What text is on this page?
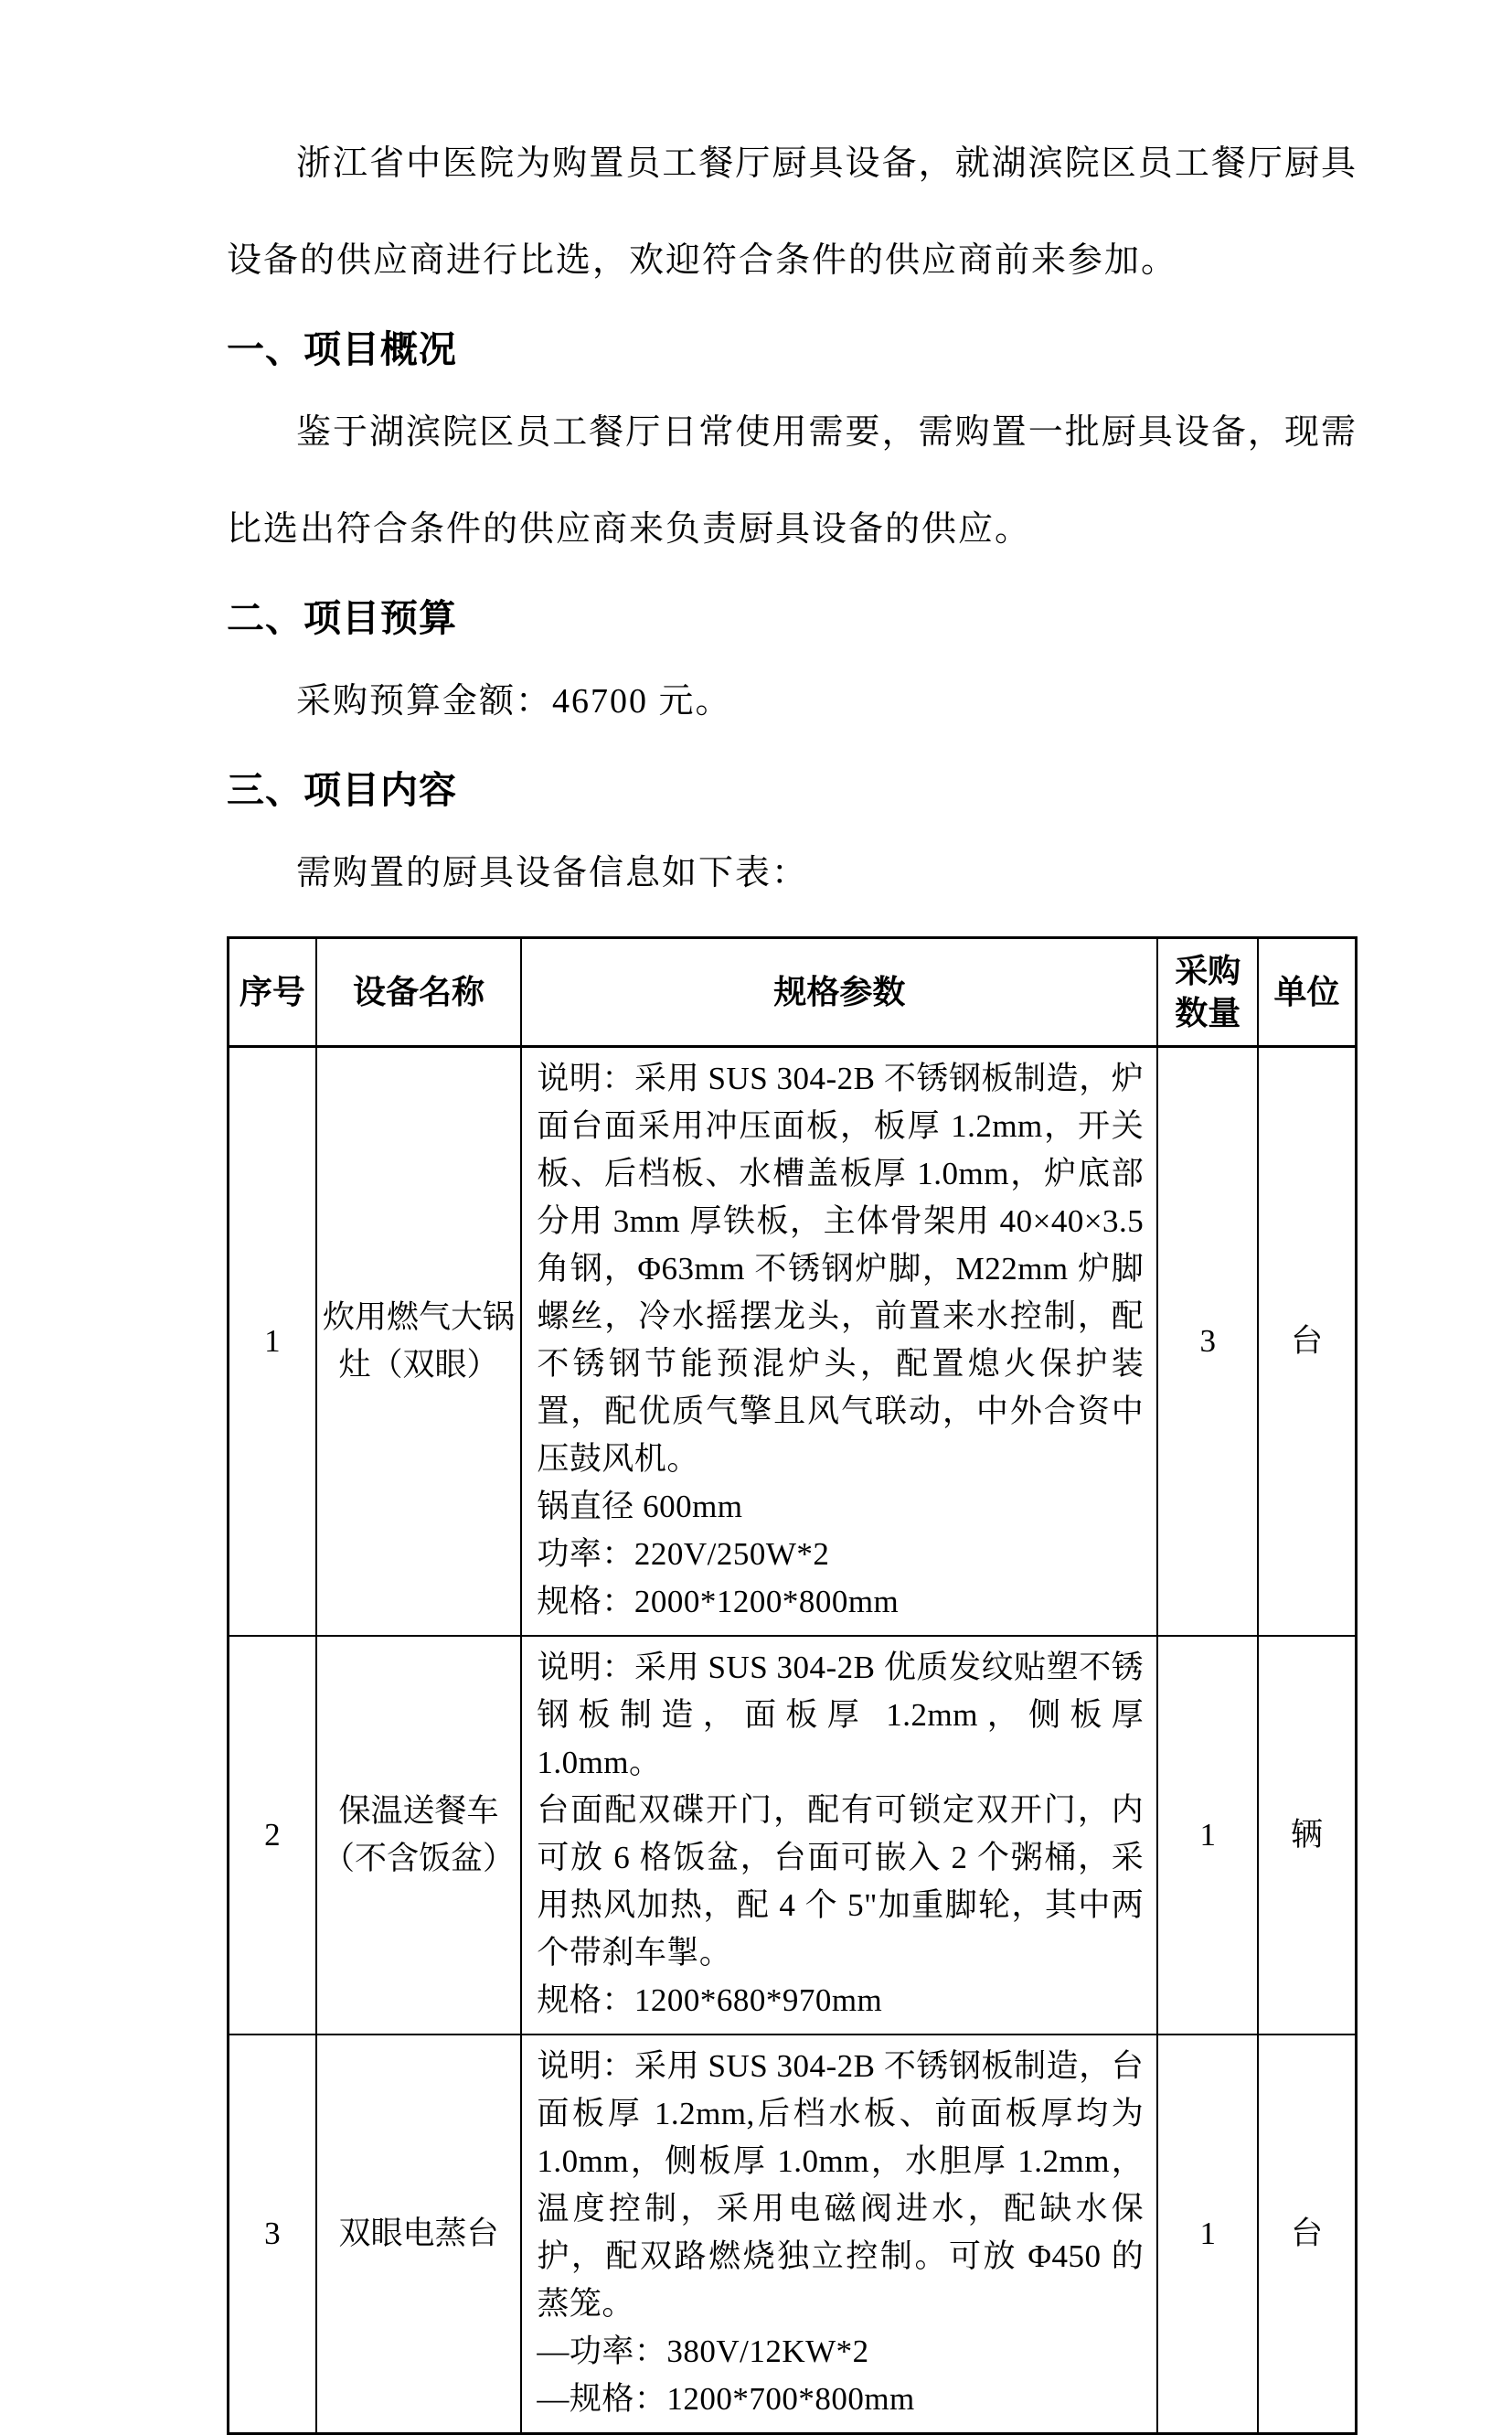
浙江省中医院为购置员工餐厅厨具设备，就湖滨院区员工餐厅厨具设备的供应商进行比选，欢迎符合条件的供应商前来参加。

一、项目概况

鉴于湖滨院区员工餐厅日常使用需要，需购置一批厨具设备，现需比选出符合条件的供应商来负责厨具设备的供应。

二、项目预算

采购预算金额：46700 元。

三、项目内容

需购置的厨具设备信息如下表：

序号	设备名称	规格参数	采购数量	单位
1	炊用燃气大锅灶（双眼）	说明：采用 SUS 304-2B 不锈钢板制造，炉面台面采用冲压面板，板厚 1.2mm，开关板、后档板、水槽盖板厚 1.0mm，炉底部分用 3mm 厚铁板，主体骨架用 40×40×3.5 角钢，Φ63mm 不锈钢炉脚，M22mm 炉脚螺丝，冷水摇摆龙头，前置来水控制，配不锈钢节能预混炉头，配置熄火保护装置，配优质气擎且风气联动，中外合资中压鼓风机。
锅直径 600mm
功率：220V/250W*2
规格：2000*1200*800mm	3	台
2	保温送餐车（不含饭盆）	说明：采用 SUS 304-2B 优质发纹贴塑不锈钢板制造，面板厚 1.2mm，侧板厚 1.0mm。
台面配双碟开门，配有可锁定双开门，内可放 6 格饭盆，台面可嵌入 2 个粥桶，采用热风加热，配 4 个 5"加重脚轮，其中两个带刹车掣。
规格：1200*680*970mm	1	辆
3	双眼电蒸台	说明：采用 SUS 304-2B 不锈钢板制造，台面板厚 1.2mm,后档水板、前面板厚均为 1.0mm，侧板厚 1.0mm，水胆厚 1.2mm，温度控制，采用电磁阀进水，配缺水保护，配双路燃烧独立控制。可放 Φ450 的蒸笼。
—功率：380V/12KW*2
—规格：1200*700*800mm	1	台
